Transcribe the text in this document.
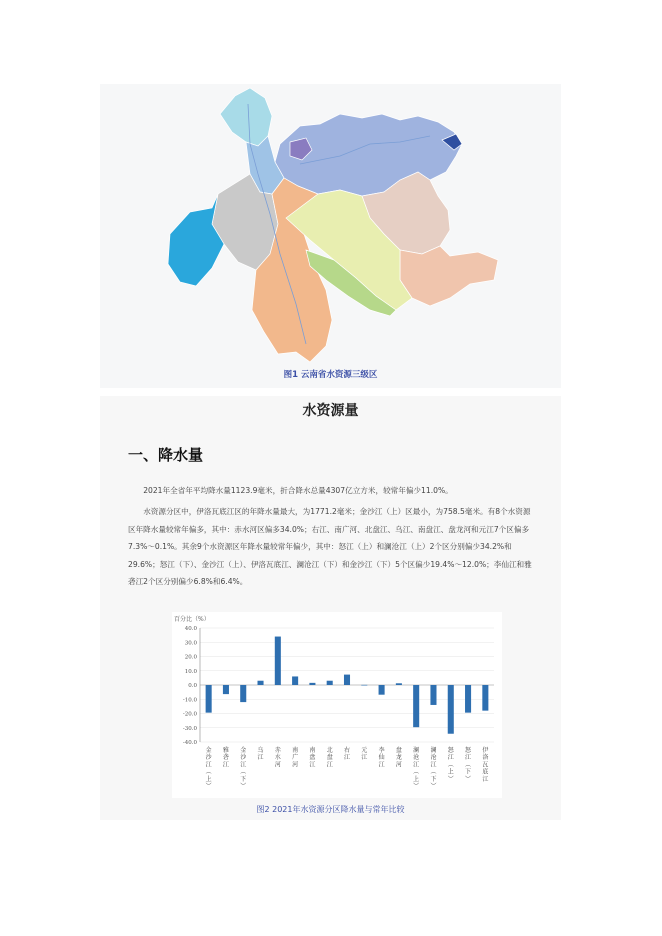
图1 云南省水资源三级区
水资源量
一、降水量
2021年全省年平均降水量1123.9毫米，折合降水总量4307亿立方米，较常年偏少11.0%。
水资源分区中，伊洛瓦底江区的年降水量最大，为1771.2毫米；金沙江（上）区最小，为758.5毫米。有8个水资源区年降水量较常年偏多，其中：赤水河区偏多34.0%；右江、南广河、北盘江、乌江、南盘江、盘龙河和元江7个区偏多7.3%～0.1%。其余9个水资源区年降水量较常年偏少，其中：怒江（上）和澜沧江（上）2个区分别偏少34.2%和29.6%；怒江（下）、金沙江（上）、伊洛瓦底江、澜沧江（下）和金沙江（下）5个区偏少19.4%～12.0%；李仙江和雅砻江2个区分别偏少6.8%和6.4%。
百分比（%）
40.0
30.0
20.0
10.0
0.0
-10.0
-20.0
-30.0
-40.0
金
沙
江
︵
上
︶
雅
砻
江
金
沙
江
︵
下
︶
乌
江
赤
水
河
南
广
河
南
盘
江
北
盘
江
右
江
元
江
李
仙
江
盘
龙
河
澜
沧
江
︵
上
︶
澜
沧
江
︵
下
︶
怒
江
︵
上
︶
怒
江
︵
下
︶
伊
洛
瓦
底
江
图2 2021年水资源分区降水量与常年比较
